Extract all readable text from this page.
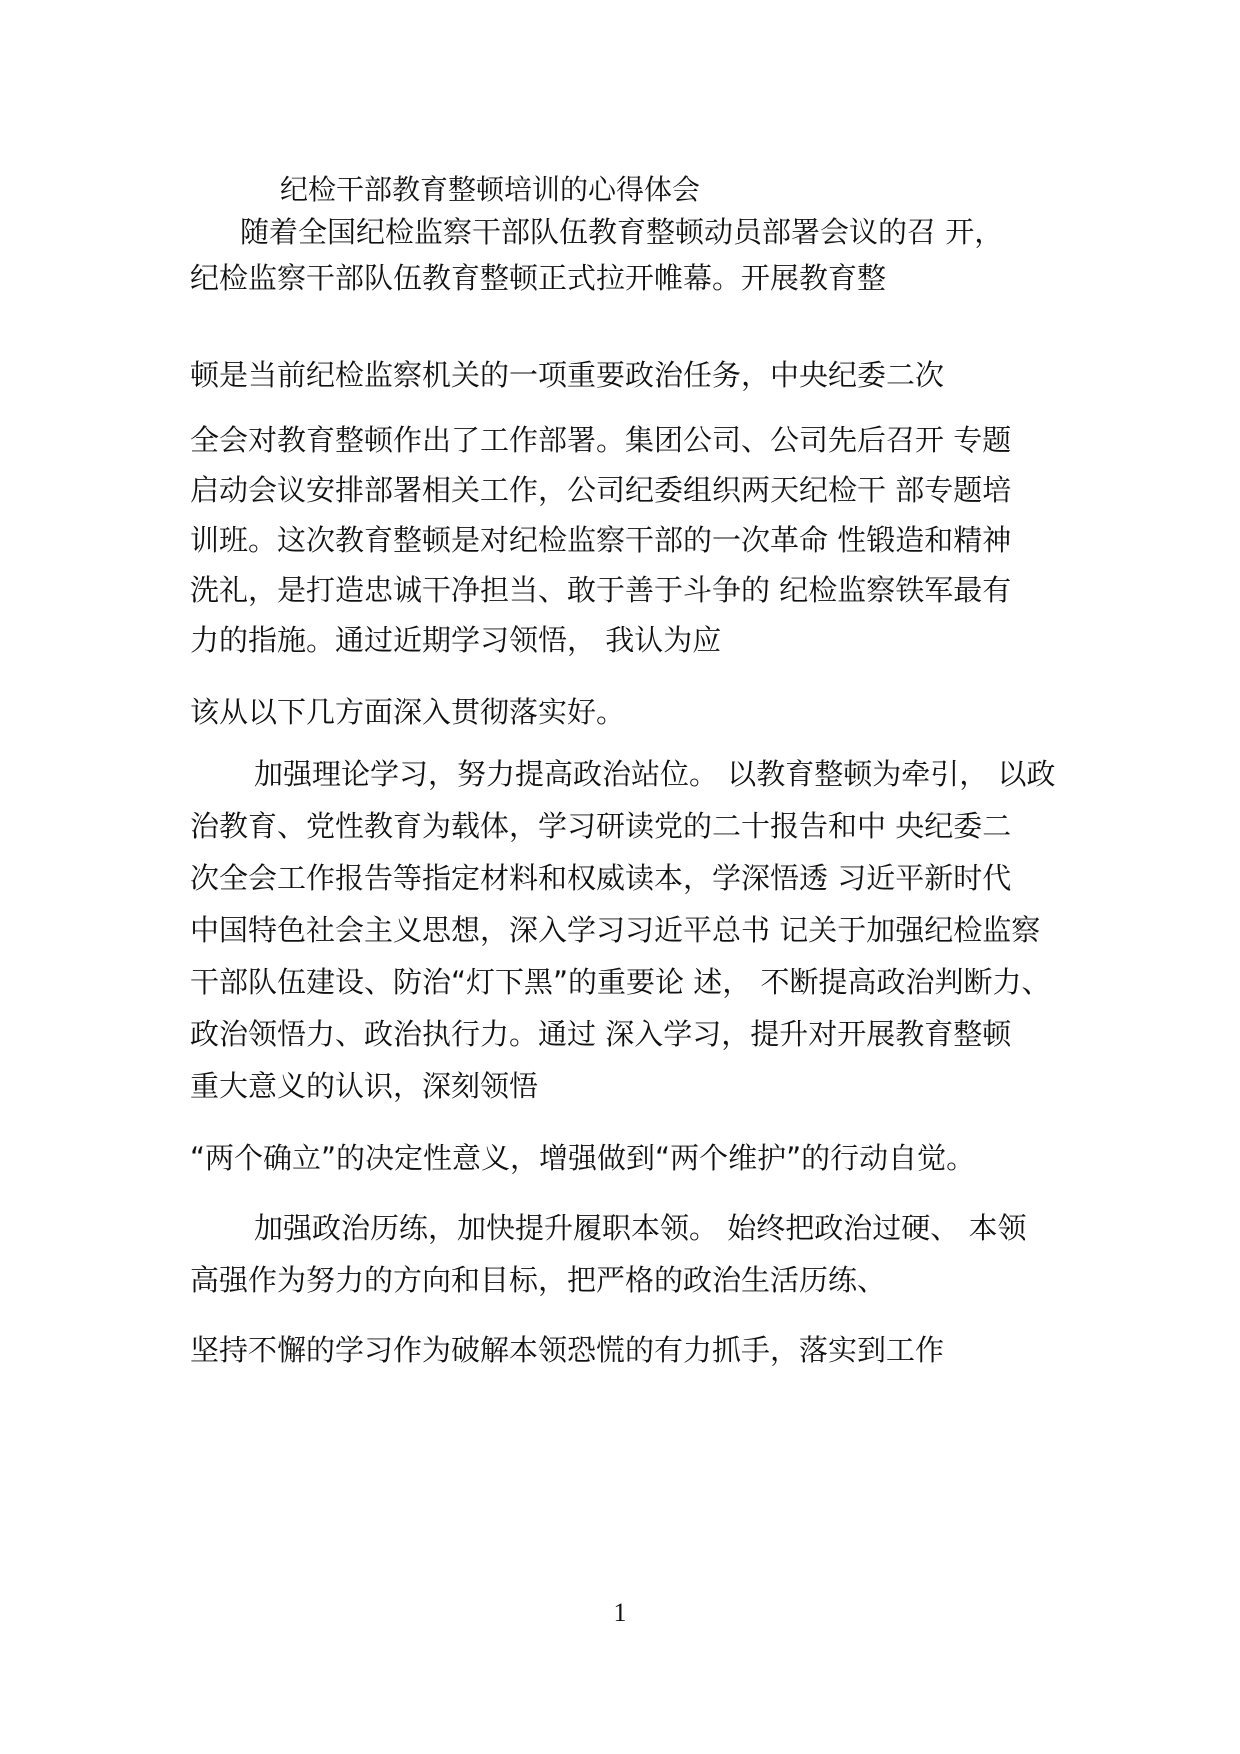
纪检干部教育整顿培训的心得体会
随着全国纪检监察干部队伍教育整顿动员部署会议的召 开，
纪检监察干部队伍教育整顿正式拉开帷幕。开展教育整
顿是当前纪检监察机关的一项重要政治任务，中央纪委二次
全会对教育整顿作出了工作部署。集团公司、公司先后召开 专题
启动会议安排部署相关工作，公司纪委组织两天纪检干 部专题培
训班。这次教育整顿是对纪检监察干部的一次革命 性锻造和精神
洗礼，是打造忠诚干净担当、敢于善于斗争的 纪检监察铁军最有
力的指施。通过近期学习领悟， 我认为应
该从以下几方面深入贯彻落实好。
加强理论学习，努力提高政治站位。 以教育整顿为牵引， 以政
治教育、党性教育为载体，学习研读党的二十报告和中 央纪委二
次全会工作报告等指定材料和权威读本，学深悟透 习近平新时代
中国特色社会主义思想，深入学习习近平总书 记关于加强纪检监察
干部队伍建设、防治“灯下黑”的重要论 述， 不断提高政治判断力、
政治领悟力、政治执行力。通过 深入学习，提升对开展教育整顿
重大意义的认识，深刻领悟
“两个确立”的决定性意义，增强做到“两个维护”的行动自觉。
加强政治历练，加快提升履职本领。 始终把政治过硬、 本领
高强作为努力的方向和目标，把严格的政治生活历练、
坚持不懈的学习作为破解本领恐慌的有力抓手，落实到工作
1
